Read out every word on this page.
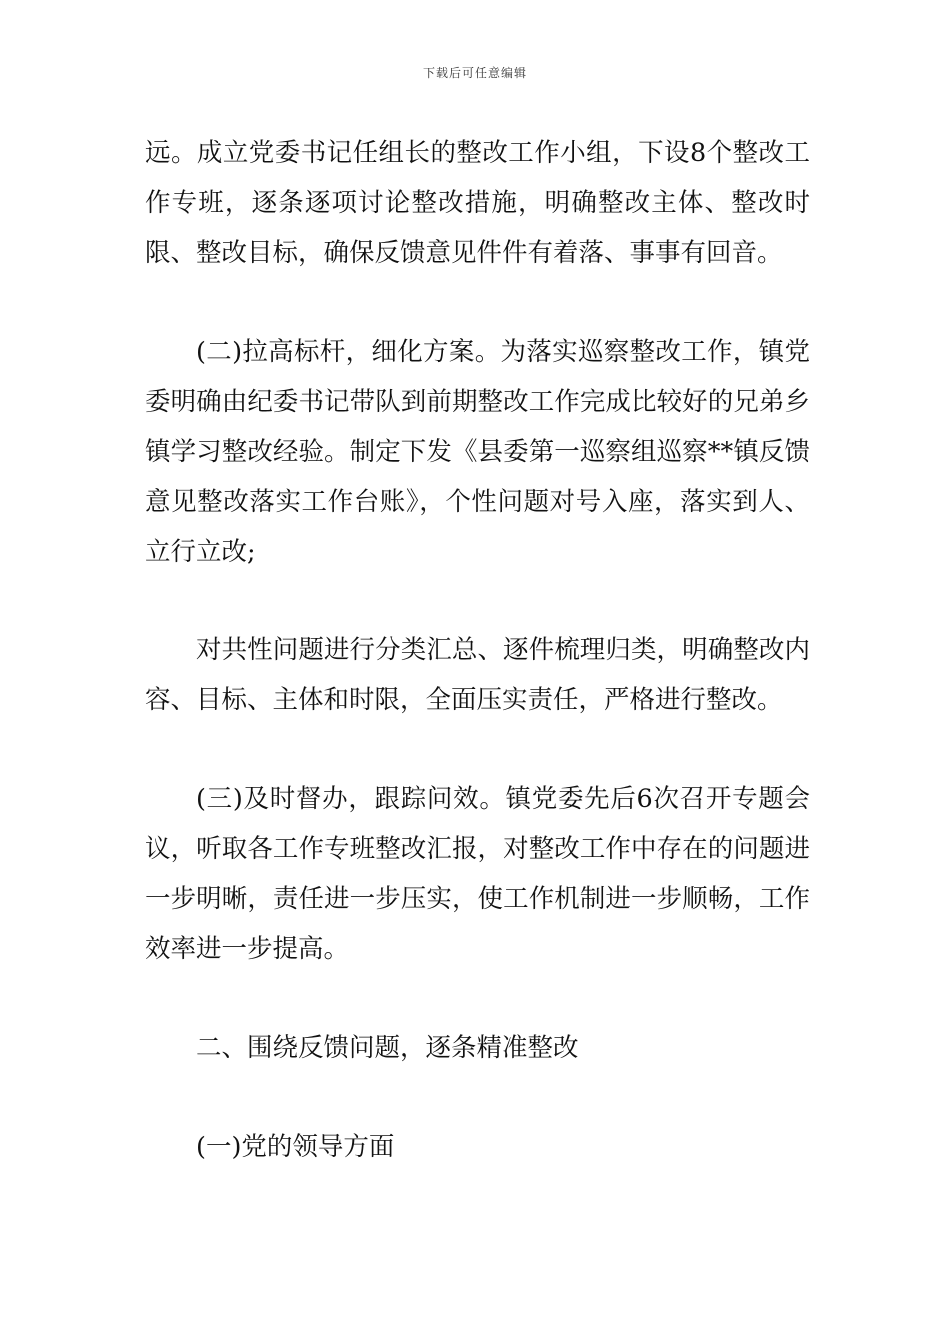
下载后可任意编辑

远。成立党委书记任组长的整改工作小组，下设8个整改工作专班，逐条逐项讨论整改措施，明确整改主体、整改时限、整改目标，确保反馈意见件件有着落、事事有回音。

(二)拉高标杆，细化方案。为落实巡察整改工作，镇党委明确由纪委书记带队到前期整改工作完成比较好的兄弟乡镇学习整改经验。制定下发《县委第一巡察组巡察**镇反馈意见整改落实工作台账》，个性问题对号入座，落实到人、立行立改;

对共性问题进行分类汇总、逐件梳理归类，明确整改内容、目标、主体和时限，全面压实责任，严格进行整改。

(三)及时督办，跟踪问效。镇党委先后6次召开专题会议，听取各工作专班整改汇报，对整改工作中存在的问题进一步明晰，责任进一步压实，使工作机制进一步顺畅，工作效率进一步提高。

二、围绕反馈问题，逐条精准整改

(一)党的领导方面
